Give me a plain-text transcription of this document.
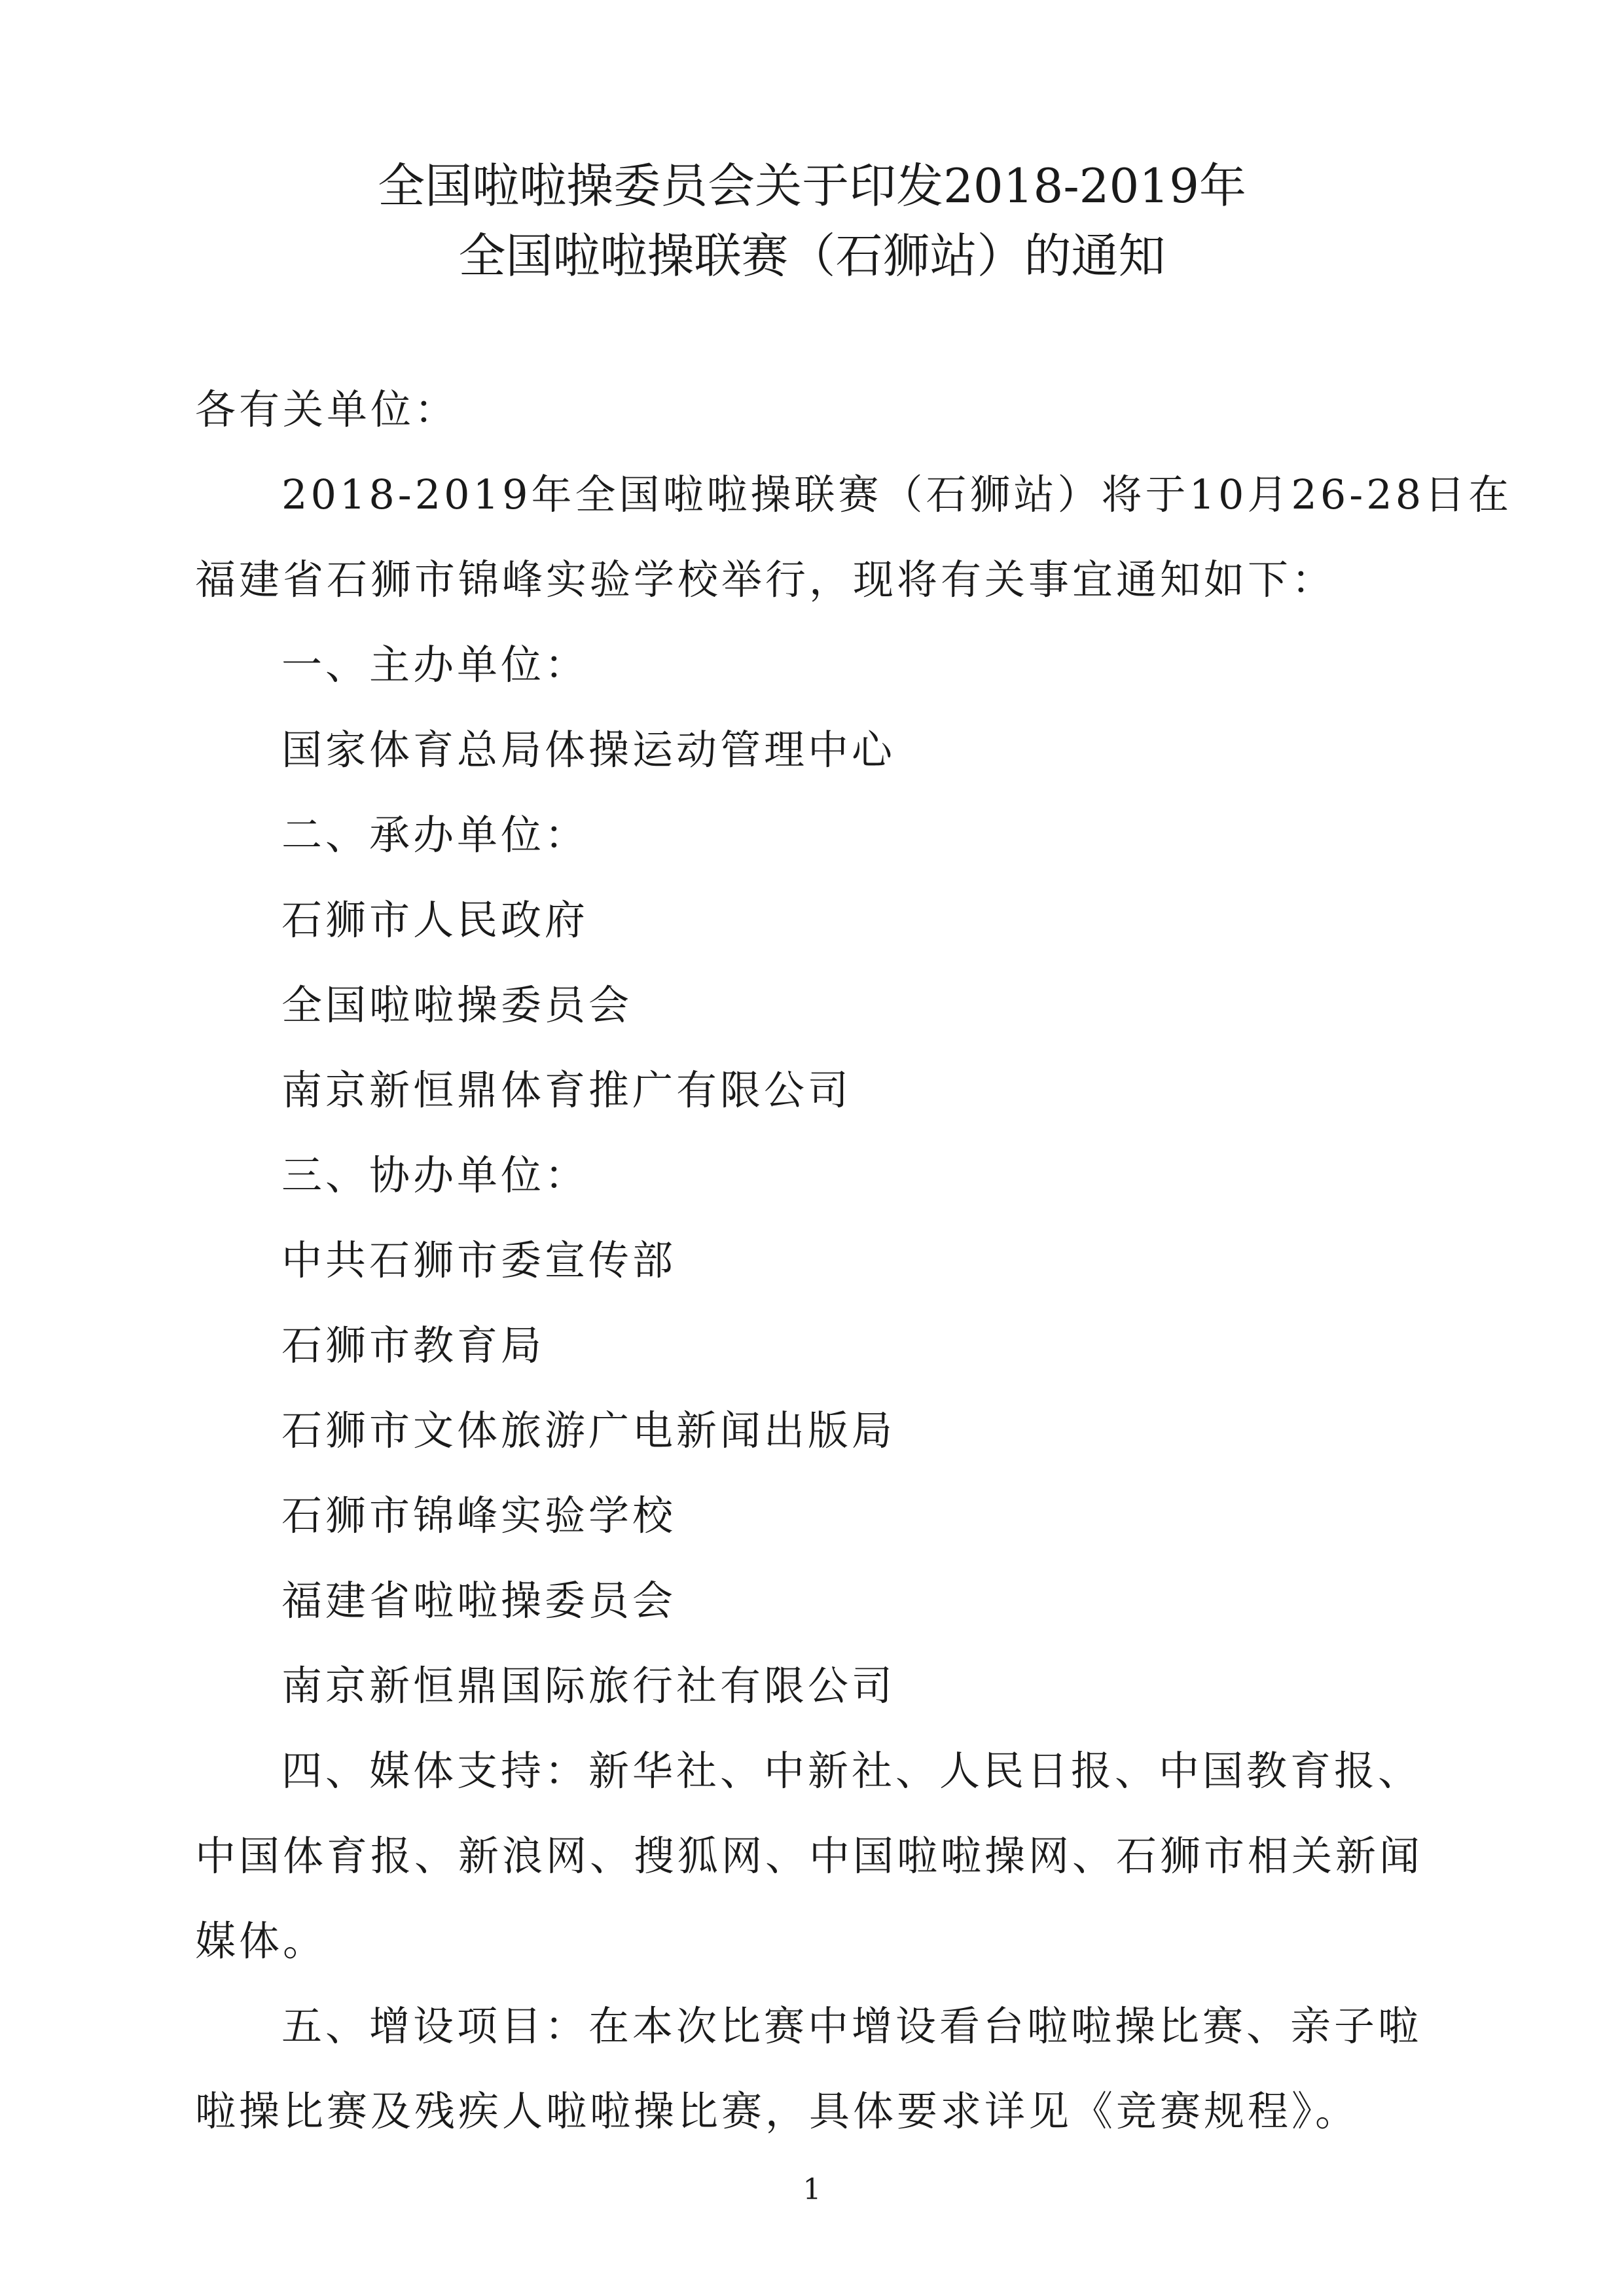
全国啦啦操委员会关于印发2018-2019年
全国啦啦操联赛（石狮站）的通知
各有关单位：
2018-2019年全国啦啦操联赛（石狮站）将于10月26-28日在
福建省石狮市锦峰实验学校举行，现将有关事宜通知如下：
一、主办单位：
国家体育总局体操运动管理中心
二、承办单位：
石狮市人民政府
全国啦啦操委员会
南京新恒鼎体育推广有限公司
三、协办单位：
中共石狮市委宣传部
石狮市教育局
石狮市文体旅游广电新闻出版局
石狮市锦峰实验学校
福建省啦啦操委员会
南京新恒鼎国际旅行社有限公司
四、媒体支持：新华社、中新社、人民日报、中国教育报、
中国体育报、新浪网、搜狐网、中国啦啦操网、石狮市相关新闻
媒体。
五、增设项目：在本次比赛中增设看台啦啦操比赛、亲子啦
啦操比赛及残疾人啦啦操比赛，具体要求详见《竞赛规程》。
1
